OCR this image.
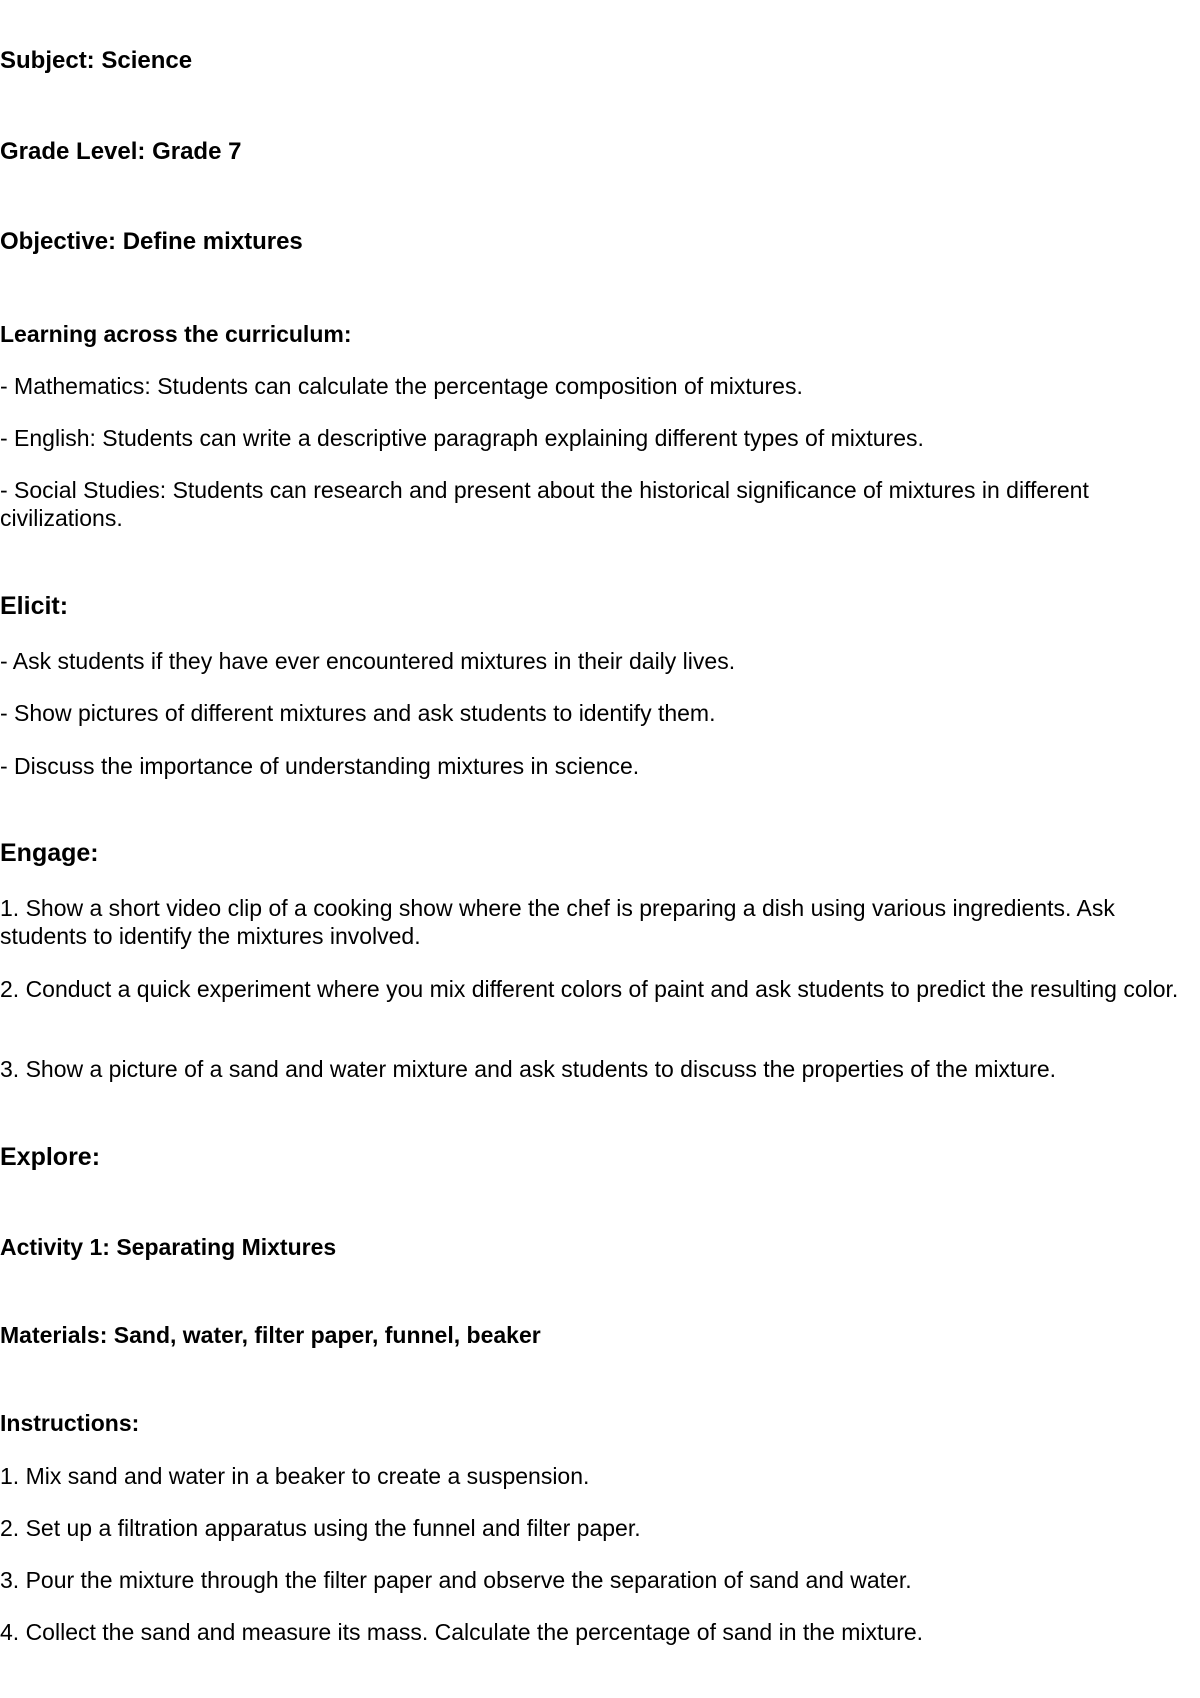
Subject: Science

Grade Level: Grade 7

Objective: Define mixtures

Learning across the curriculum:

- Mathematics: Students can calculate the percentage composition of mixtures.

- English: Students can write a descriptive paragraph explaining different types of mixtures.

- Social Studies: Students can research and present about the historical significance of mixtures in different civilizations.

Elicit:

- Ask students if they have ever encountered mixtures in their daily lives.

- Show pictures of different mixtures and ask students to identify them.

- Discuss the importance of understanding mixtures in science.

Engage:

1. Show a short video clip of a cooking show where the chef is preparing a dish using various ingredients. Ask students to identify the mixtures involved.

2. Conduct a quick experiment where you mix different colors of paint and ask students to predict the resulting color.

3. Show a picture of a sand and water mixture and ask students to discuss the properties of the mixture.

Explore:

Activity 1: Separating Mixtures

Materials: Sand, water, filter paper, funnel, beaker

Instructions:

1. Mix sand and water in a beaker to create a suspension.

2. Set up a filtration apparatus using the funnel and filter paper.

3. Pour the mixture through the filter paper and observe the separation of sand and water.

4. Collect the sand and measure its mass. Calculate the percentage of sand in the mixture.
